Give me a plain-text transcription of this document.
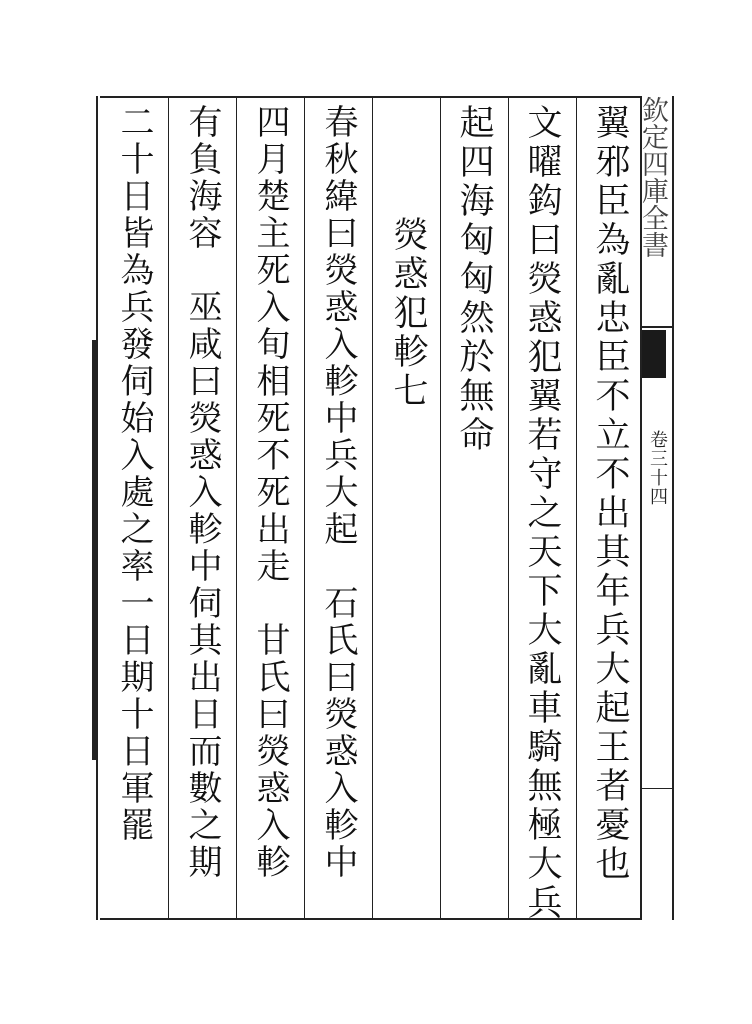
欽定四庫全書
卷三十四
翼邪臣為亂忠臣不立不出其年兵大起王者憂也
文曜鈎曰熒惑犯翼若守之天下大亂車騎無極大兵
起四海匈匈然於無命
熒惑犯軫七
春秋緯曰熒惑入軫中兵大起　石氏曰熒惑入軫中
四月楚主死入旬相死不死出走　甘氏曰熒惑入軫
有負海容　巫咸曰熒惑入軫中伺其出日而數之期
二十日皆為兵發伺始入處之率一日期十日軍罷
